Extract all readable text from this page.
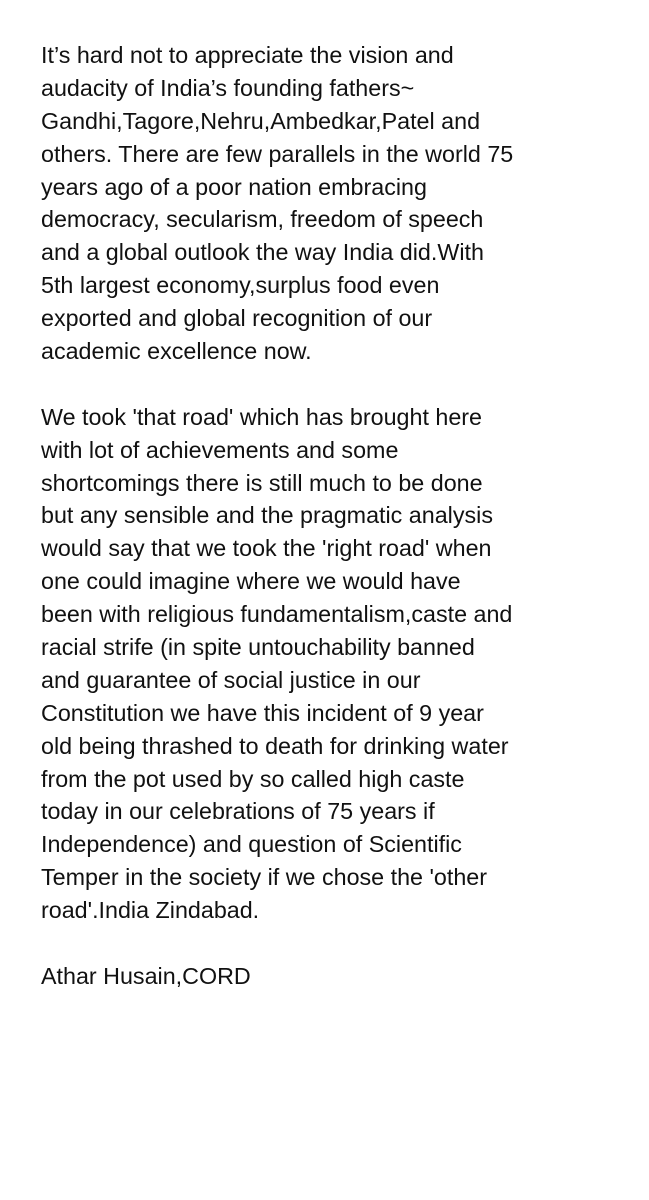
It’s hard not to appreciate the vision and
audacity of India’s founding fathers~
Gandhi,Tagore,Nehru,Ambedkar,Patel and
others. There are few parallels in the world 75
years ago of a poor nation embracing
democracy, secularism, freedom of speech
and a global outlook the way India did.With
5th largest economy,surplus food even
exported and global recognition of our
academic excellence now.
We took 'that road' which has brought here
with lot of achievements and some
shortcomings there is still much to be done
but any sensible and the pragmatic analysis
would say that we took the 'right road' when
one could imagine where we would have
been with religious fundamentalism,caste and
racial strife (in spite untouchability banned
and guarantee of social justice in our
Constitution we have this incident of 9 year
old being thrashed to death for drinking water
from the pot used by so called high caste
today in our celebrations of 75 years if
Independence) and question of Scientific
Temper in the society if we chose the 'other
road'.India Zindabad.
Athar Husain,CORD
